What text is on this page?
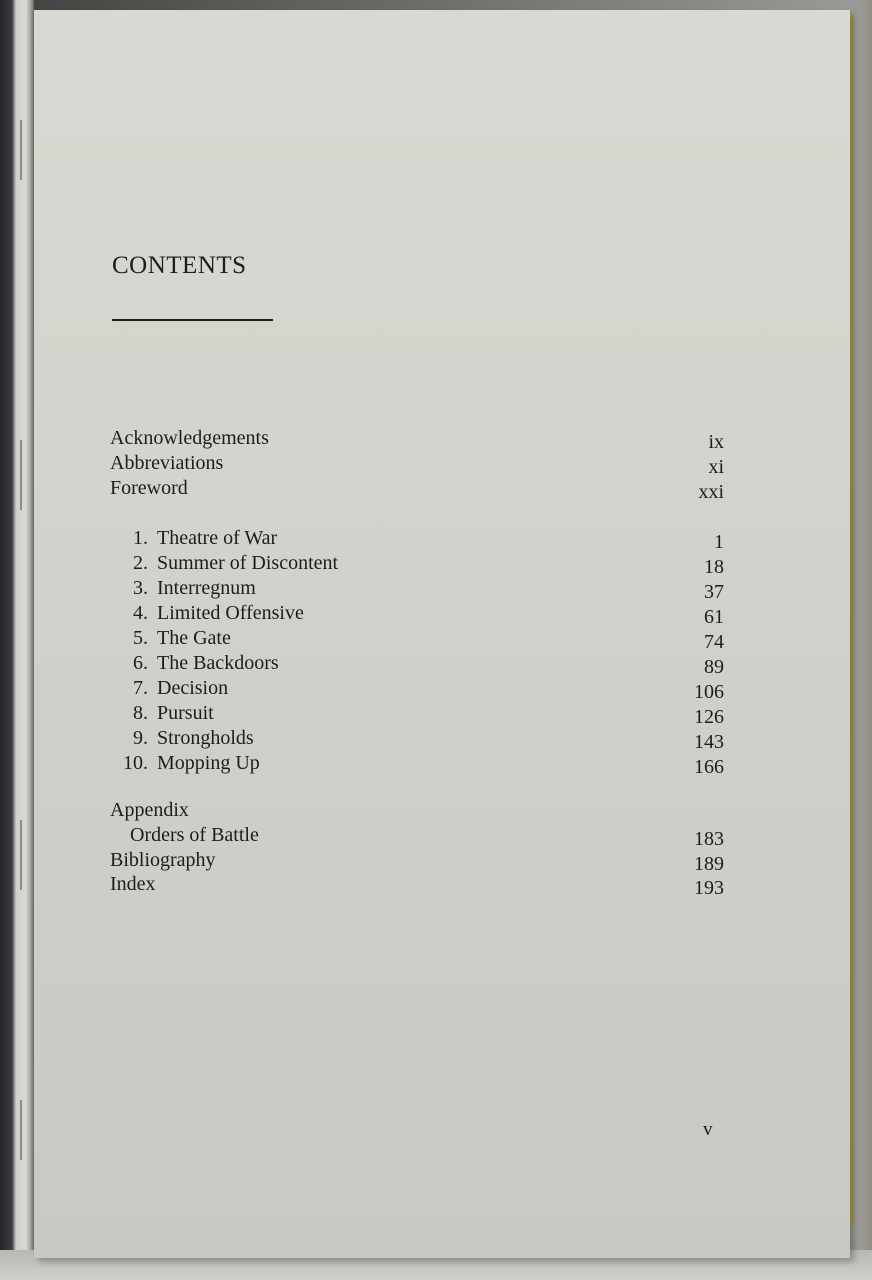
CONTENTS
Acknowledgements	ix
Abbreviations	xi
Foreword	xxi
1. Theatre of War	1
2. Summer of Discontent	18
3. Interregnum	37
4. Limited Offensive	61
5. The Gate	74
6. The Backdoors	89
7. Decision	106
8. Pursuit	126
9. Strongholds	143
10. Mopping Up	166
Appendix
Orders of Battle	183
Bibliography	189
Index	193
v
